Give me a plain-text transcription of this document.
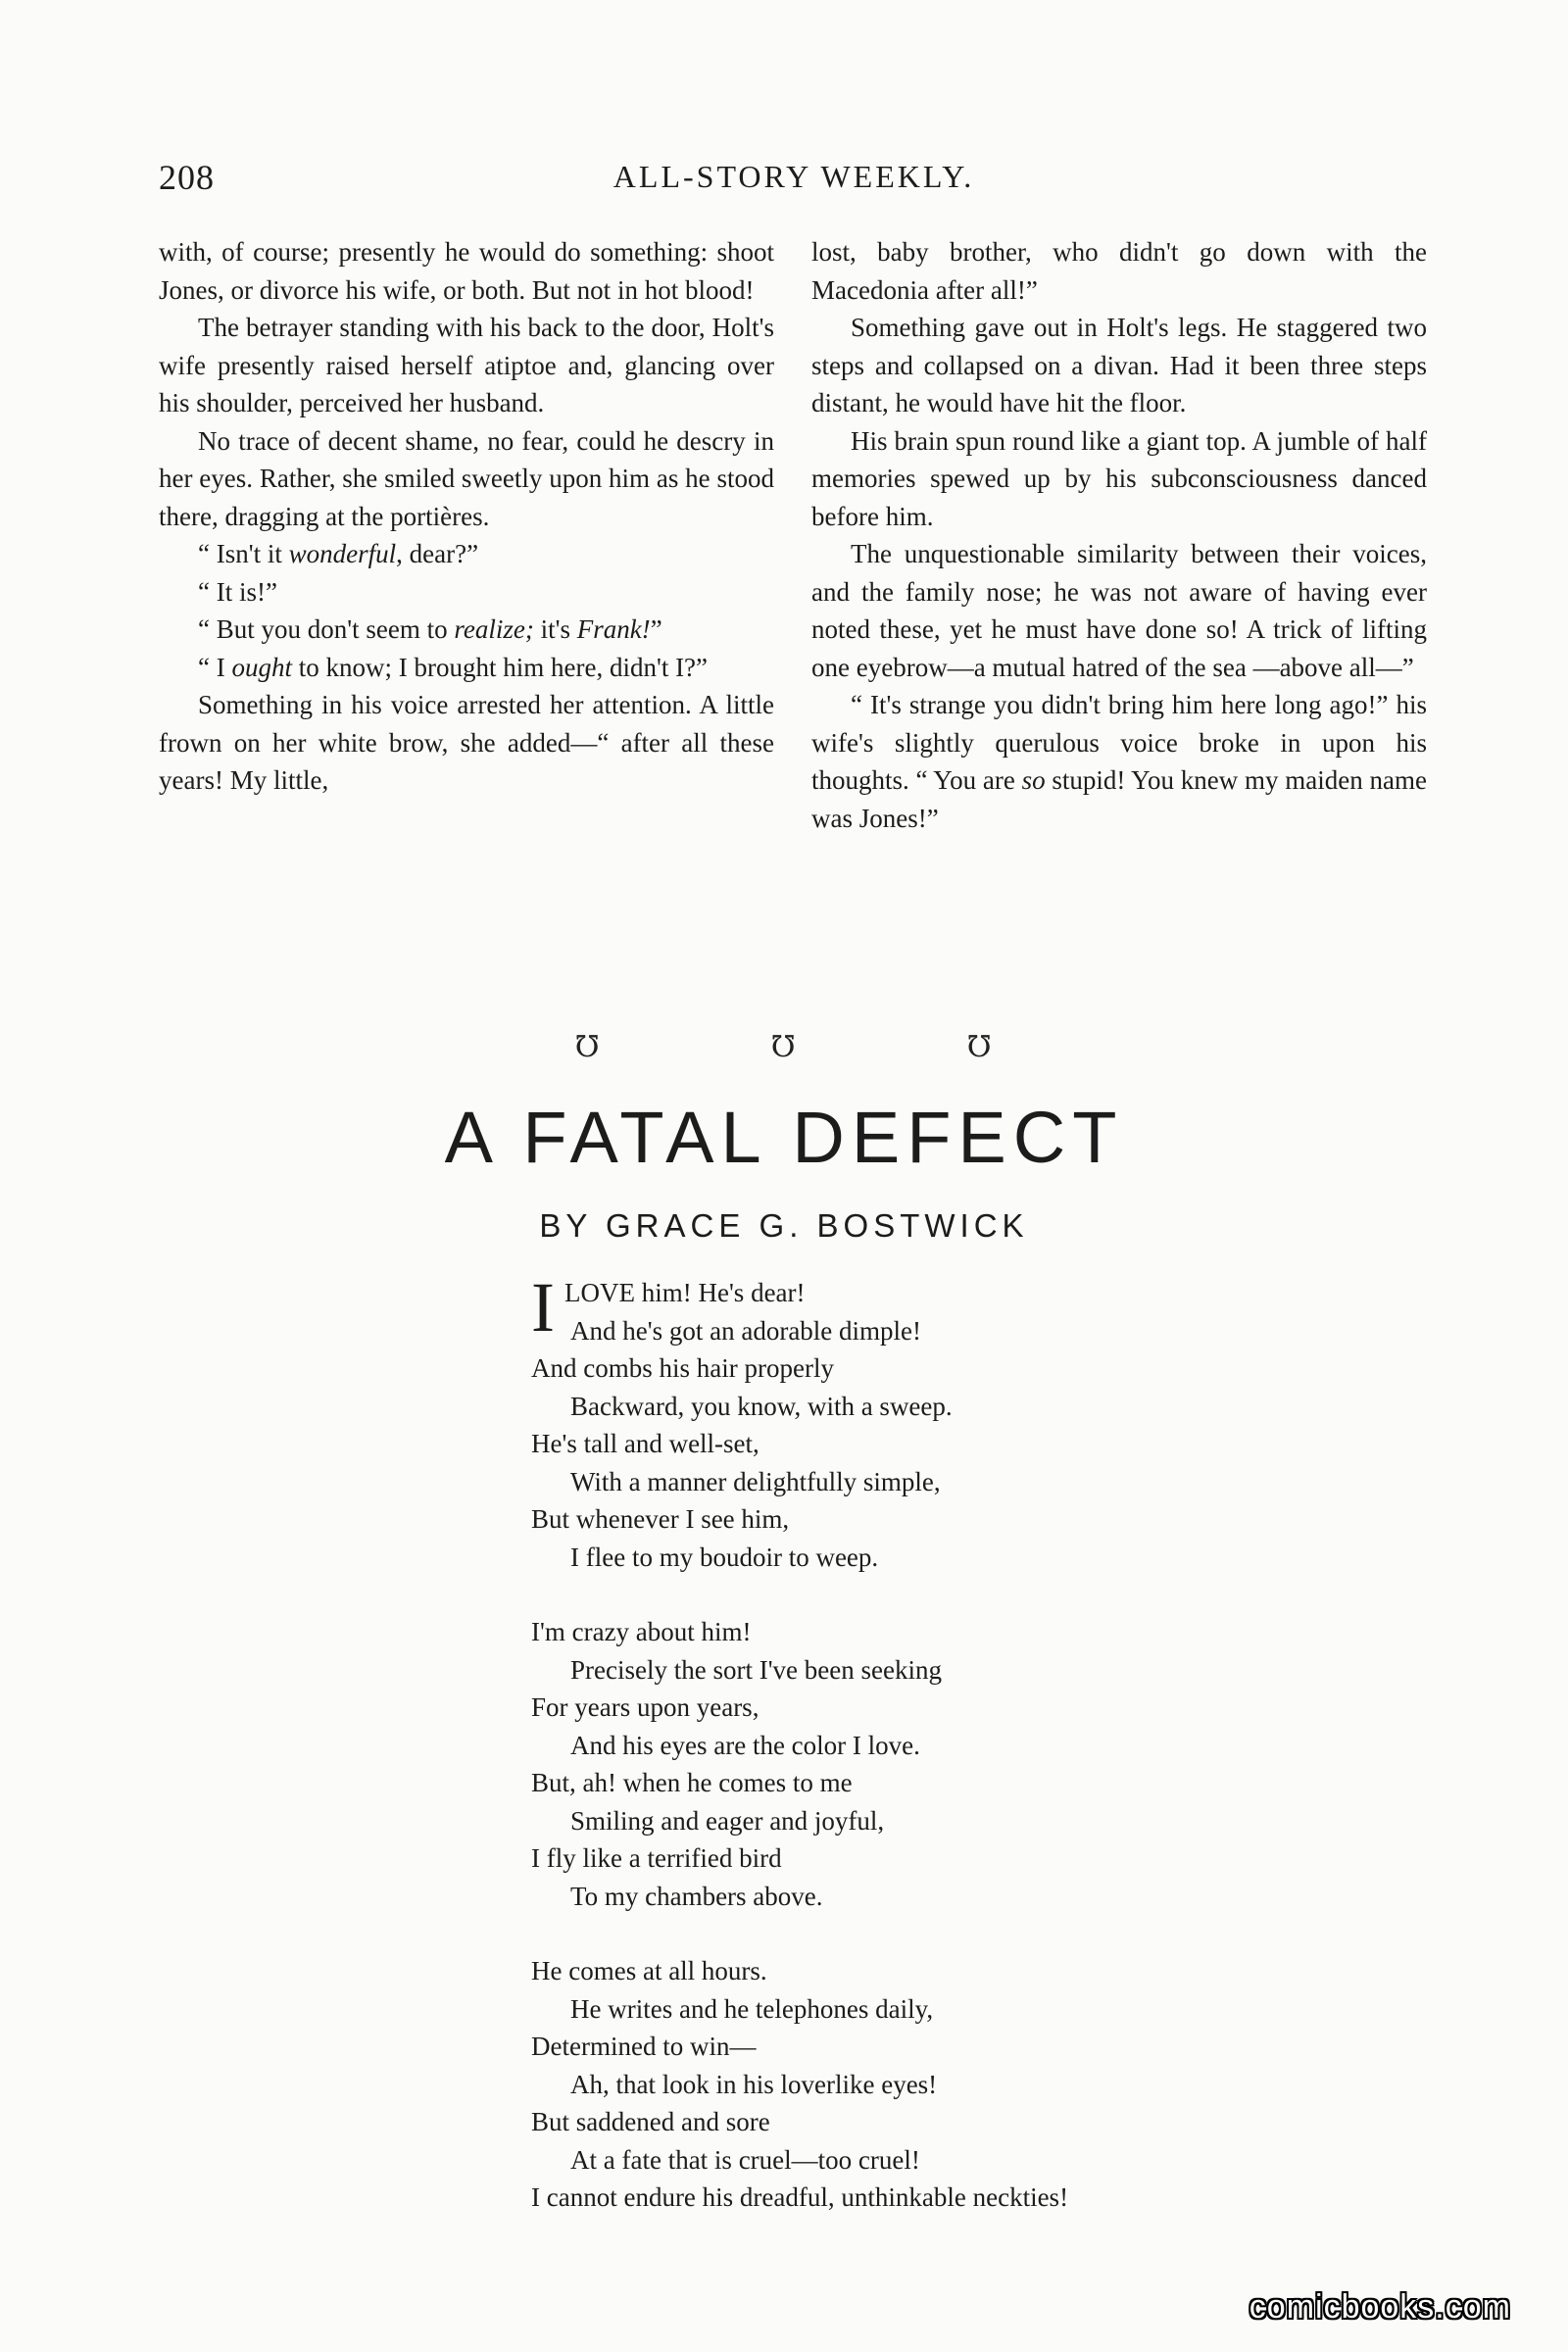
208	ALL-STORY WEEKLY.

with, of course; presently he would do something: shoot Jones, or divorce his wife, or both. But not in hot blood!

The betrayer standing with his back to the door, Holt's wife presently raised herself atiptoe and, glancing over his shoulder, perceived her husband.

No trace of decent shame, no fear, could he descry in her eyes. Rather, she smiled sweetly upon him as he stood there, dragging at the portières.

“ Isn't it wonderful, dear?”

“ It is!”

“ But you don't seem to realize; it's Frank!”

“ I ought to know; I brought him here, didn't I?”

Something in his voice arrested her attention. A little frown on her white brow, she added—“ after all these years! My little,

lost, baby brother, who didn't go down with the Macedonia after all!”

Something gave out in Holt's legs. He staggered two steps and collapsed on a divan. Had it been three steps distant, he would have hit the floor.

His brain spun round like a giant top. A jumble of half memories spewed up by his subconsciousness danced before him.

The unquestionable similarity between their voices, and the family nose; he was not aware of having ever noted these, yet he must have done so! A trick of lifting one eyebrow—a mutual hatred of the sea —above all—”

“ It's strange you didn't bring him here long ago!” his wife's slightly querulous voice broke in upon his thoughts. “ You are so stupid! You knew my maiden name was Jones!”

℧	℧	℧
A FATAL DEFECT
BY GRACE G. BOSTWICK
I LOVE him! He's dear!
And he's got an adorable dimple!
And combs his hair properly
Backward, you know, with a sweep.
He's tall and well-set,
With a manner delightfully simple,
But whenever I see him,
I flee to my boudoir to weep.
I'm crazy about him!
Precisely the sort I've been seeking
For years upon years,
And his eyes are the color I love.
But, ah! when he comes to me
Smiling and eager and joyful,
I fly like a terrified bird
To my chambers above.
He comes at all hours.
He writes and he telephones daily,
Determined to win—
Ah, that look in his loverlike eyes!
But saddened and sore
At a fate that is cruel—too cruel!
I cannot endure his dreadful, unthinkable neckties!
comicbooks.com
